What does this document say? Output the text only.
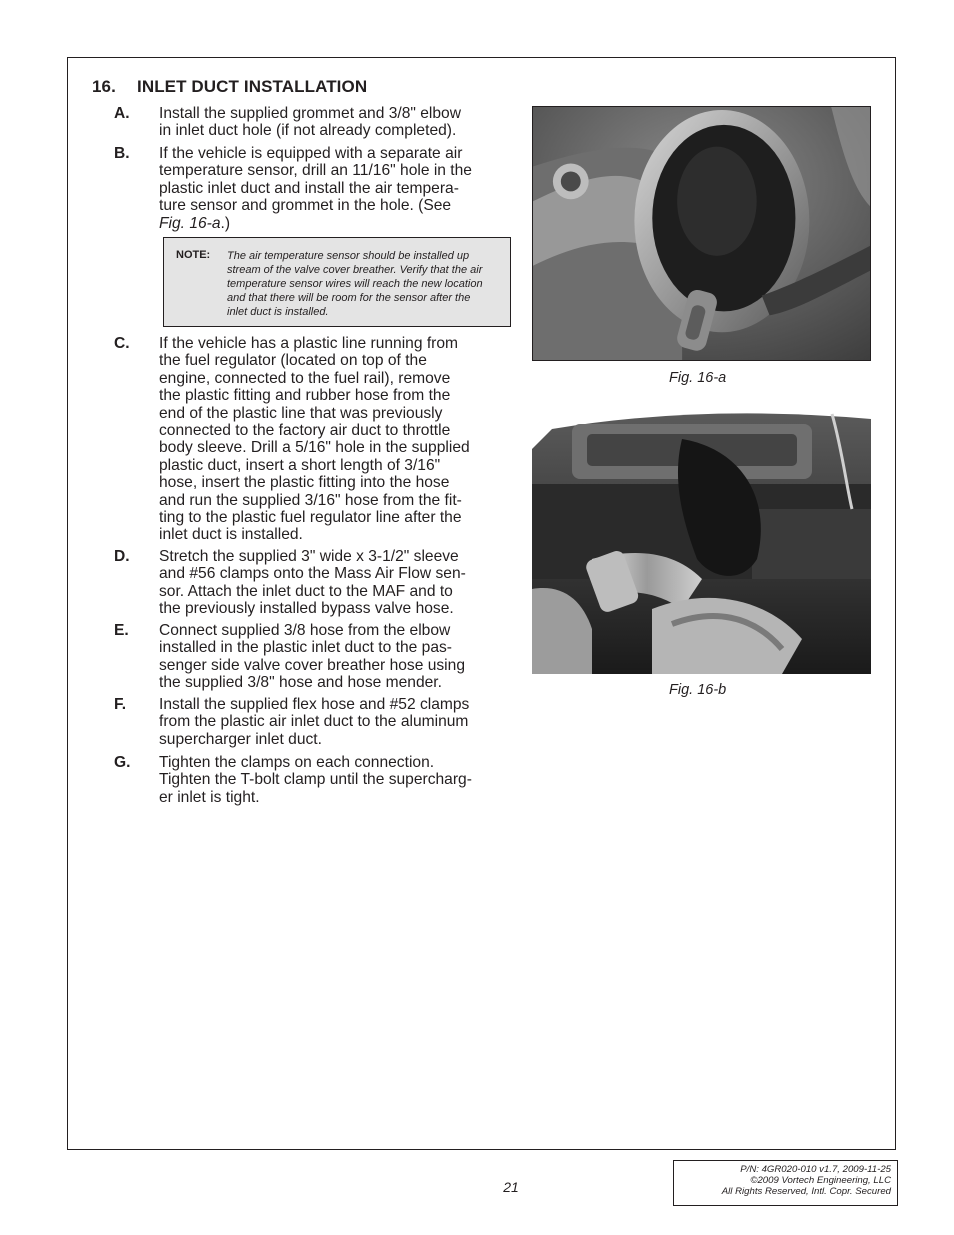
16. INLET DUCT INSTALLATION
A. Install the supplied grommet and 3/8" elbow
in inlet duct hole (if not already completed).
B. If the vehicle is equipped with a separate air
temperature sensor, drill an 11/16" hole in the
plastic inlet duct and install the air tempera-
ture sensor and grommet in the hole. (See
Fig. 16-a.)
NOTE: The air temperature sensor should be installed up
stream of the valve cover breather. Verify that the air
temperature sensor wires will reach the new location
and that there will be room for the sensor after the
inlet duct is installed.
C. If the vehicle has a plastic line running from
the fuel regulator (located on top of the
engine, connected to the fuel rail), remove
the plastic fitting and rubber hose from the
end of the plastic line that was previously
connected to the factory air duct to throttle
body sleeve. Drill a 5/16" hole in the supplied
plastic duct, insert a short length of 3/16"
hose, insert the plastic fitting into the hose
and run the supplied 3/16" hose from the fit-
ting to the plastic fuel regulator line after the
inlet duct is installed.
D. Stretch the supplied 3" wide x 3-1/2" sleeve
and #56 clamps onto the Mass Air Flow sen-
sor. Attach the inlet duct to the MAF and to
the previously installed bypass valve hose.
E. Connect supplied 3/8 hose from the elbow
installed in the plastic inlet duct to the pas-
senger side valve cover breather hose using
the supplied 3/8" hose and hose mender.
F. Install the supplied flex hose and #52 clamps
from the plastic air inlet duct to the aluminum
supercharger inlet duct.
G. Tighten the clamps on each connection.
Tighten the T-bolt clamp until the supercharg-
er inlet is tight.
Fig. 16-a
Fig. 16-b
21
P/N: 4GR020-010 v1.7, 2009-11-25
©2009 Vortech Engineering, LLC
All Rights Reserved, Intl. Copr. Secured
